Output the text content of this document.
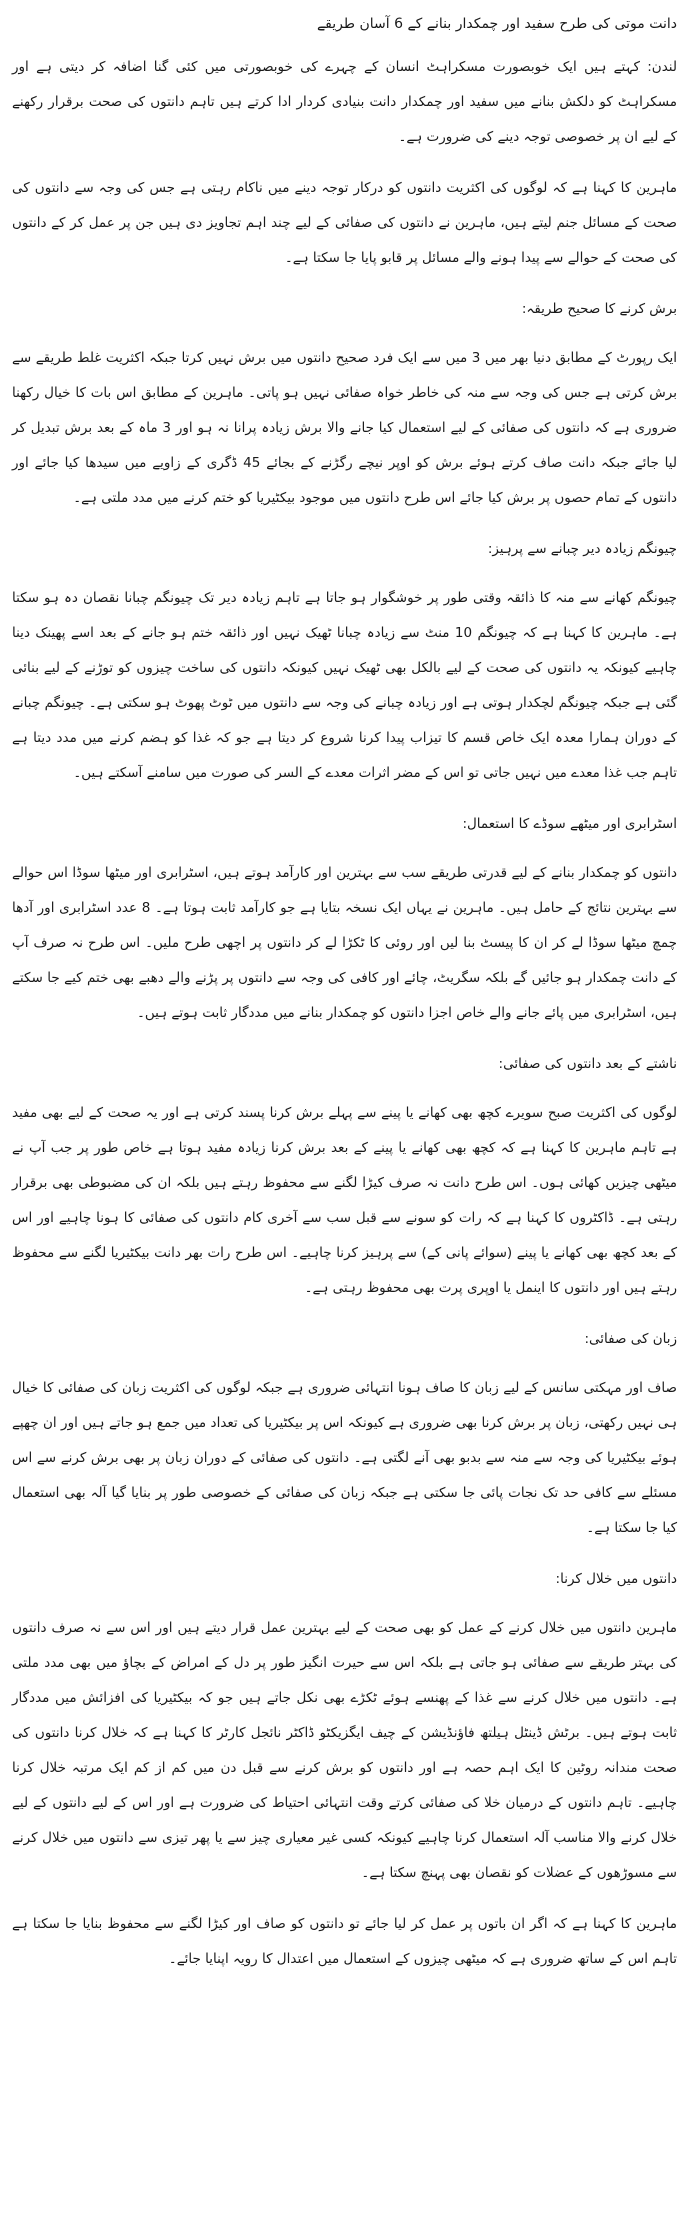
دانت موتی کی طرح سفید اور چمکدار بنانے کے 6 آسان طریقے

لندن: کہتے ہیں ایک خوبصورت مسکراہٹ انسان کے چہرے کی خوبصورتی میں کئی گنا اضافہ کر دیتی ہے اور مسکراہٹ کو دلکش بنانے میں سفید اور چمکدار دانت بنیادی کردار ادا کرتے ہیں تاہم دانتوں کی صحت برقرار رکھنے کے لیے ان پر خصوصی توجہ دینے کی ضرورت ہے۔

ماہرین کا کہنا ہے کہ لوگوں کی اکثریت دانتوں کو درکار توجہ دینے میں ناکام رہتی ہے جس کی وجہ سے دانتوں کی صحت کے مسائل جنم لیتے ہیں، ماہرین نے دانتوں کی صفائی کے لیے چند اہم تجاویز دی ہیں جن پر عمل کر کے دانتوں کی صحت کے حوالے سے پیدا ہونے والے مسائل پر قابو پایا جا سکتا ہے۔

برش کرنے کا صحیح طریقہ:

ایک رپورٹ کے مطابق دنیا بھر میں 3 میں سے ایک فرد صحیح دانتوں میں برش نہیں کرتا جبکہ اکثریت غلط طریقے سے برش کرتی ہے جس کی وجہ سے منہ کی خاطر خواہ صفائی نہیں ہو پاتی۔ ماہرین کے مطابق اس بات کا خیال رکھنا ضروری ہے کہ دانتوں کی صفائی کے لیے استعمال کیا جانے والا برش زیادہ پرانا نہ ہو اور 3 ماہ کے بعد برش تبدیل کر لیا جائے جبکہ دانت صاف کرتے ہوئے برش کو اوپر نیچے رگڑنے کے بجائے 45 ڈگری کے زاویے میں سیدھا کیا جائے اور دانتوں کے تمام حصوں پر برش کیا جائے اس طرح دانتوں میں موجود بیکٹیریا کو ختم کرنے میں مدد ملتی ہے۔

چیونگم زیادہ دیر چبانے سے پرہیز:

چیونگم کھانے سے منہ کا ذائقہ وقتی طور پر خوشگوار ہو جاتا ہے تاہم زیادہ دیر تک چیونگم چبانا نقصان دہ ہو سکتا ہے۔ ماہرین کا کہنا ہے کہ چیونگم 10 منٹ سے زیادہ چبانا ٹھیک نہیں اور ذائقہ ختم ہو جانے کے بعد اسے پھینک دینا چاہیے کیونکہ یہ دانتوں کی صحت کے لیے بالکل بھی ٹھیک نہیں کیونکہ دانتوں کی ساخت چیزوں کو توڑنے کے لیے بنائی گئی ہے جبکہ چیونگم لچکدار ہوتی ہے اور زیادہ چبانے کی وجہ سے دانتوں میں ٹوٹ پھوٹ ہو سکتی ہے۔ چیونگم چبانے کے دوران ہمارا معدہ ایک خاص قسم کا تیزاب پیدا کرنا شروع کر دیتا ہے جو کہ غذا کو ہضم کرنے میں مدد دیتا ہے تاہم جب غذا معدے میں نہیں جاتی تو اس کے مضر اثرات معدے کے السر کی صورت میں سامنے آسکتے ہیں۔

اسٹرابری اور میٹھے سوڈے کا استعمال:

دانتوں کو چمکدار بنانے کے لیے قدرتی طریقے سب سے بہترین اور کارآمد ہوتے ہیں، اسٹرابری اور میٹھا سوڈا اس حوالے سے بہترین نتائج کے حامل ہیں۔ ماہرین نے یہاں ایک نسخہ بتایا ہے جو کارآمد ثابت ہوتا ہے۔ 8 عدد اسٹرابری اور آدھا چمچ میٹھا سوڈا لے کر ان کا پیسٹ بنا لیں اور روئی کا ٹکڑا لے کر دانتوں پر اچھی طرح ملیں۔ اس طرح نہ صرف آپ کے دانت چمکدار ہو جائیں گے بلکہ سگریٹ، چائے اور کافی کی وجہ سے دانتوں پر پڑنے والے دھبے بھی ختم کیے جا سکتے ہیں، اسٹرابری میں پائے جانے والے خاص اجزا دانتوں کو چمکدار بنانے میں مددگار ثابت ہوتے ہیں۔

ناشتے کے بعد دانتوں کی صفائی:

لوگوں کی اکثریت صبح سویرے کچھ بھی کھانے یا پینے سے پہلے برش کرنا پسند کرتی ہے اور یہ صحت کے لیے بھی مفید ہے تاہم ماہرین کا کہنا ہے کہ کچھ بھی کھانے یا پینے کے بعد برش کرنا زیادہ مفید ہوتا ہے خاص طور پر جب آپ نے میٹھی چیزیں کھائی ہوں۔ اس طرح دانت نہ صرف کیڑا لگنے سے محفوظ رہتے ہیں بلکہ ان کی مضبوطی بھی برقرار رہتی ہے۔ ڈاکٹروں کا کہنا ہے کہ رات کو سونے سے قبل سب سے آخری کام دانتوں کی صفائی کا ہونا چاہیے اور اس کے بعد کچھ بھی کھانے یا پینے (سوائے پانی کے) سے پرہیز کرنا چاہیے۔ اس طرح رات بھر دانت بیکٹیریا لگنے سے محفوظ رہتے ہیں اور دانتوں کا اینمل یا اوپری پرت بھی محفوظ رہتی ہے۔

زبان کی صفائی:

صاف اور مہکتی سانس کے لیے زبان کا صاف ہونا انتہائی ضروری ہے جبکہ لوگوں کی اکثریت زبان کی صفائی کا خیال ہی نہیں رکھتی، زبان پر برش کرنا بھی ضروری ہے کیونکہ اس پر بیکٹیریا کی تعداد میں جمع ہو جاتے ہیں اور ان چھپے ہوئے بیکٹیریا کی وجہ سے منہ سے بدبو بھی آنے لگتی ہے۔ دانتوں کی صفائی کے دوران زبان پر بھی برش کرنے سے اس مسئلے سے کافی حد تک نجات پائی جا سکتی ہے جبکہ زبان کی صفائی کے خصوصی طور پر بنایا گیا آلہ بھی استعمال کیا جا سکتا ہے۔

دانتوں میں خلال کرنا:

ماہرین دانتوں میں خلال کرنے کے عمل کو بھی صحت کے لیے بہترین عمل قرار دیتے ہیں اور اس سے نہ صرف دانتوں کی بہتر طریقے سے صفائی ہو جاتی ہے بلکہ اس سے حیرت انگیز طور پر دل کے امراض کے بچاؤ میں بھی مدد ملتی ہے۔ دانتوں میں خلال کرنے سے غذا کے پھنسے ہوئے ٹکڑے بھی نکل جاتے ہیں جو کہ بیکٹیریا کی افزائش میں مددگار ثابت ہوتے ہیں۔ برٹش ڈینٹل ہیلتھ فاؤنڈیشن کے چیف ایگزیکٹو ڈاکٹر نائجل کارٹر کا کہنا ہے کہ خلال کرنا دانتوں کی صحت مندانہ روٹین کا ایک اہم حصہ ہے اور دانتوں کو برش کرنے سے قبل دن میں کم از کم ایک مرتبہ خلال کرنا چاہیے۔ تاہم دانتوں کے درمیان خلا کی صفائی کرتے وقت انتہائی احتیاط کی ضرورت ہے اور اس کے لیے دانتوں کے لیے خلال کرنے والا مناسب آلہ استعمال کرنا چاہیے کیونکہ کسی غیر معیاری چیز سے یا پھر تیزی سے دانتوں میں خلال کرنے سے مسوڑھوں کے عضلات کو نقصان بھی پہنچ سکتا ہے۔

ماہرین کا کہنا ہے کہ اگر ان باتوں پر عمل کر لیا جائے تو دانتوں کو صاف اور کیڑا لگنے سے محفوظ بنایا جا سکتا ہے تاہم اس کے ساتھ ضروری ہے کہ میٹھی چیزوں کے استعمال میں اعتدال کا رویہ اپنایا جائے۔
